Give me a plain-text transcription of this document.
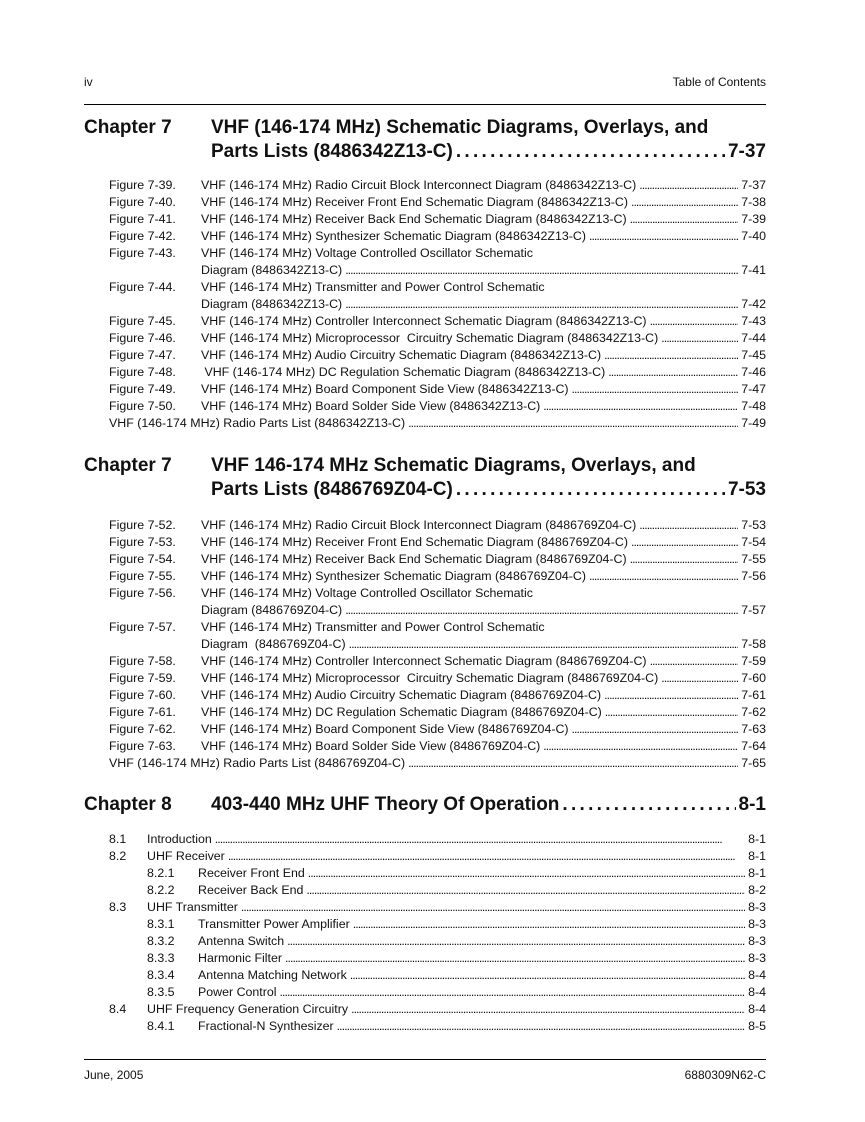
iv	Table of Contents
Chapter 7 VHF (146-174 MHz) Schematic Diagrams, Overlays, and
Parts Lists (8486342Z13-C) . . .	7-37
Figure 7-39. VHF (146-174 MHz) Radio Circuit Block Interconnect Diagram (8486342Z13-C) . . .	7-37
Figure 7-40. VHF (146-174 MHz) Receiver Front End Schematic Diagram (8486342Z13-C) . . .	7-38
Figure 7-41. VHF (146-174 MHz) Receiver Back End Schematic Diagram (8486342Z13-C) . . .	7-39
Figure 7-42. VHF (146-174 MHz) Synthesizer Schematic Diagram (8486342Z13-C) . . .	7-40
Figure 7-43. VHF (146-174 MHz) Voltage Controlled Oscillator Schematic
Diagram (8486342Z13-C) . . .	7-41
Figure 7-44. VHF (146-174 MHz) Transmitter and Power Control Schematic
Diagram (8486342Z13-C) . . .	7-42
Figure 7-45. VHF (146-174 MHz) Controller Interconnect Schematic Diagram (8486342Z13-C) . . .	7-43
Figure 7-46. VHF (146-174 MHz) Microprocessor  Circuitry Schematic Diagram (8486342Z13-C) . . .	7-44
Figure 7-47. VHF (146-174 MHz) Audio Circuitry Schematic Diagram (8486342Z13-C) . . .	7-45
Figure 7-48. VHF (146-174 MHz) DC Regulation Schematic Diagram (8486342Z13-C) . . .	7-46
Figure 7-49. VHF (146-174 MHz) Board Component Side View (8486342Z13-C) . . .	7-47
Figure 7-50. VHF (146-174 MHz) Board Solder Side View (8486342Z13-C) . . .	7-48
VHF (146-174 MHz) Radio Parts List (8486342Z13-C) . . .	7-49
Chapter 7 VHF 146-174 MHz Schematic Diagrams, Overlays, and
Parts Lists (8486769Z04-C) . . .	7-53
Figure 7-52. VHF (146-174 MHz) Radio Circuit Block Interconnect Diagram (8486769Z04-C) . . .	7-53
Figure 7-53. VHF (146-174 MHz) Receiver Front End Schematic Diagram (8486769Z04-C) . . .	7-54
Figure 7-54. VHF (146-174 MHz) Receiver Back End Schematic Diagram (8486769Z04-C) . . .	7-55
Figure 7-55. VHF (146-174 MHz) Synthesizer Schematic Diagram (8486769Z04-C) . . .	7-56
Figure 7-56. VHF (146-174 MHz) Voltage Controlled Oscillator Schematic
Diagram (8486769Z04-C) . . .	7-57
Figure 7-57. VHF (146-174 MHz) Transmitter and Power Control Schematic
Diagram  (8486769Z04-C) . . .	7-58
Figure 7-58. VHF (146-174 MHz) Controller Interconnect Schematic Diagram (8486769Z04-C) . . .	7-59
Figure 7-59. VHF (146-174 MHz) Microprocessor  Circuitry Schematic Diagram (8486769Z04-C) . . .	7-60
Figure 7-60. VHF (146-174 MHz) Audio Circuitry Schematic Diagram (8486769Z04-C) . . .	7-61
Figure 7-61. VHF (146-174 MHz) DC Regulation Schematic Diagram (8486769Z04-C) . . .	7-62
Figure 7-62. VHF (146-174 MHz) Board Component Side View (8486769Z04-C) . . .	7-63
Figure 7-63. VHF (146-174 MHz) Board Solder Side View (8486769Z04-C) . . .	7-64
VHF (146-174 MHz) Radio Parts List (8486769Z04-C) . . .	7-65
Chapter 8 403-440 MHz UHF Theory Of Operation . . .	8-1
8.1 Introduction . . .	8-1
8.2 UHF Receiver . . .	8-1
8.2.1 Receiver Front End . . .	8-1
8.2.2 Receiver Back End . . .	8-2
8.3 UHF Transmitter . . .	8-3
8.3.1 Transmitter Power Amplifier . . .	8-3
8.3.2 Antenna Switch . . .	8-3
8.3.3 Harmonic Filter . . .	8-3
8.3.4 Antenna Matching Network . . .	8-4
8.3.5 Power Control . . .	8-4
8.4 UHF Frequency Generation Circuitry . . .	8-4
8.4.1 Fractional-N Synthesizer . . .	8-5
June, 2005	6880309N62-C
